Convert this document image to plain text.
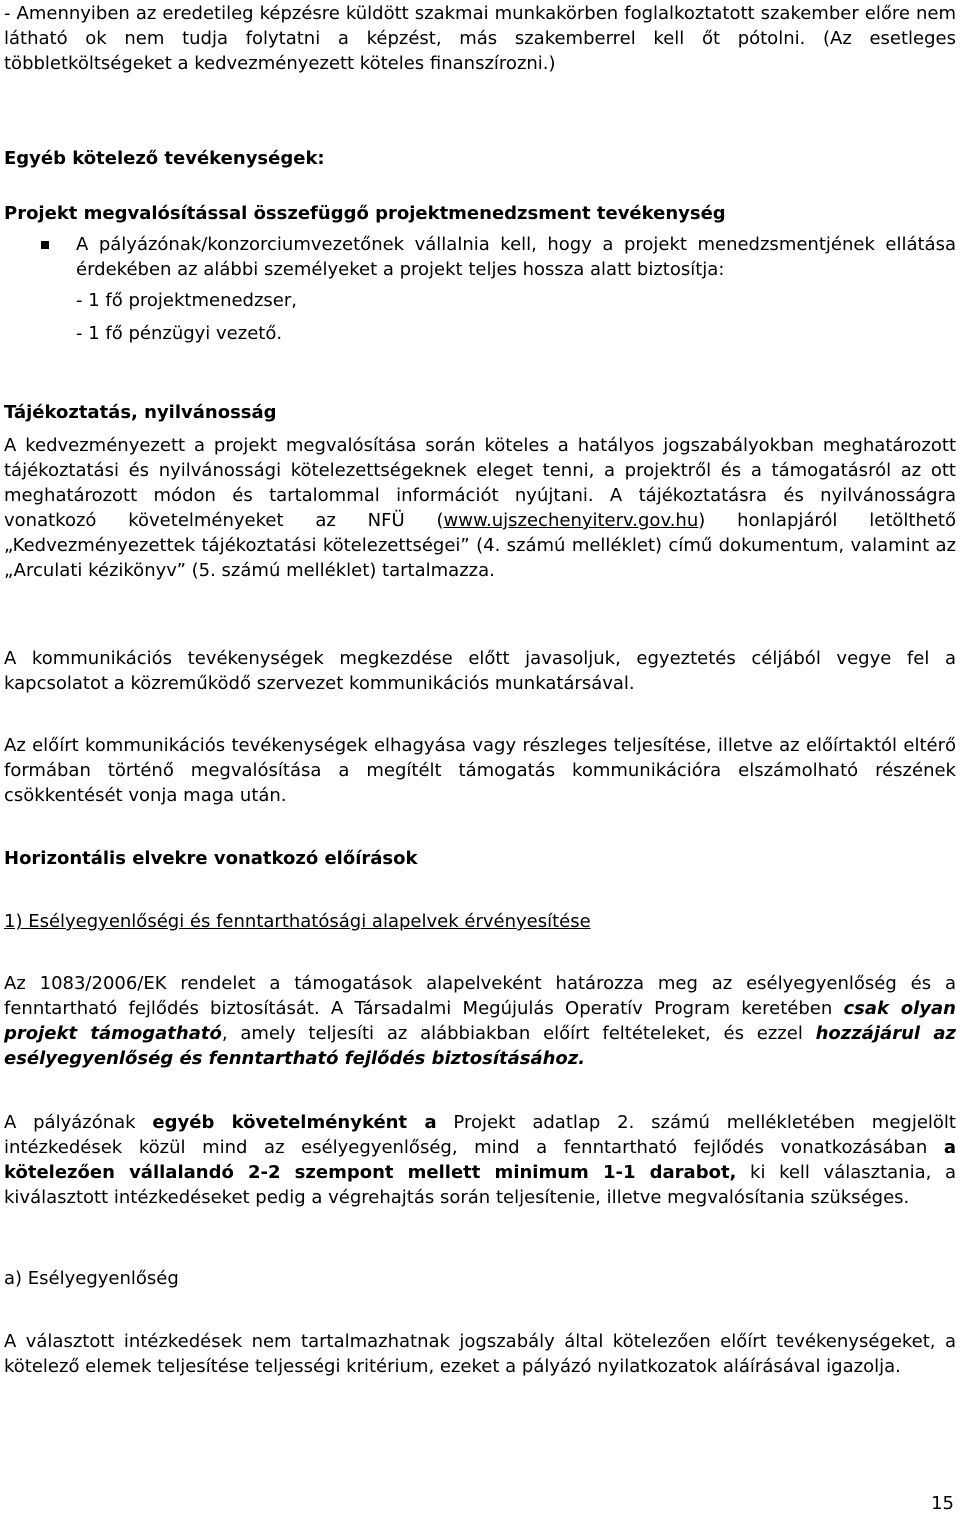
- Amennyiben az eredetileg képzésre küldött szakmai munkakörben foglalkoztatott szakember előre nem látható ok nem tudja folytatni a képzést, más szakemberrel kell őt pótolni. (Az esetleges többletköltségeket a kedvezményezett köteles finanszírozni.)

Egyéb kötelező tevékenységek:

Projekt megvalósítással összefüggő projektmenedzsment tevékenység

A pályázónak/konzorciumvezetőnek vállalnia kell, hogy a projekt menedzsmentjének ellátása érdekében az alábbi személyeket a projekt teljes hossza alatt biztosítja:

- 1 fő projektmenedzser,

- 1 fő pénzügyi vezető.

Tájékoztatás, nyilvánosság

A kedvezményezett a projekt megvalósítása során köteles a hatályos jogszabályokban meghatározott tájékoztatási és nyilvánossági kötelezettségeknek eleget tenni, a projektről és a támogatásról az ott meghatározott módon és tartalommal információt nyújtani. A tájékoztatásra és nyilvánosságra vonatkozó követelményeket az NFÜ (www.ujszechenyiterv.gov.hu) honlapjáról letölthető „Kedvezményezettek tájékoztatási kötelezettségei” (4. számú melléklet) című dokumentum, valamint az „Arculati kézikönyv” (5. számú melléklet) tartalmazza.

A kommunikációs tevékenységek megkezdése előtt javasoljuk, egyeztetés céljából vegye fel a kapcsolatot a közreműködő szervezet kommunikációs munkatársával.

Az előírt kommunikációs tevékenységek elhagyása vagy részleges teljesítése, illetve az előírtaktól eltérő formában történő megvalósítása a megítélt támogatás kommunikációra elszámolható részének csökkentését vonja maga után.

Horizontális elvekre vonatkozó előírások

1) Esélyegyenlőségi és fenntarthatósági alapelvek érvényesítése

Az 1083/2006/EK rendelet a támogatások alapelveként határozza meg az esélyegyenlőség és a fenntartható fejlődés biztosítását. A Társadalmi Megújulás Operatív Program keretében csak olyan projekt támogatható, amely teljesíti az alábbiakban előírt feltételeket, és ezzel hozzájárul az esélyegyenlőség és fenntartható fejlődés biztosításához.

A pályázónak egyéb követelményként a Projekt adatlap 2. számú mellékletében megjelölt intézkedések közül mind az esélyegyenlőség, mind a fenntartható fejlődés vonatkozásában a kötelezően vállalandó 2-2 szempont mellett minimum 1-1 darabot, ki kell választania, a kiválasztott intézkedéseket pedig a végrehajtás során teljesítenie, illetve megvalósítania szükséges.

a) Esélyegyenlőség

A választott intézkedések nem tartalmazhatnak jogszabály által kötelezően előírt tevékenységeket, a kötelező elemek teljesítése teljességi kritérium, ezeket a pályázó nyilatkozatok aláírásával igazolja.

15
